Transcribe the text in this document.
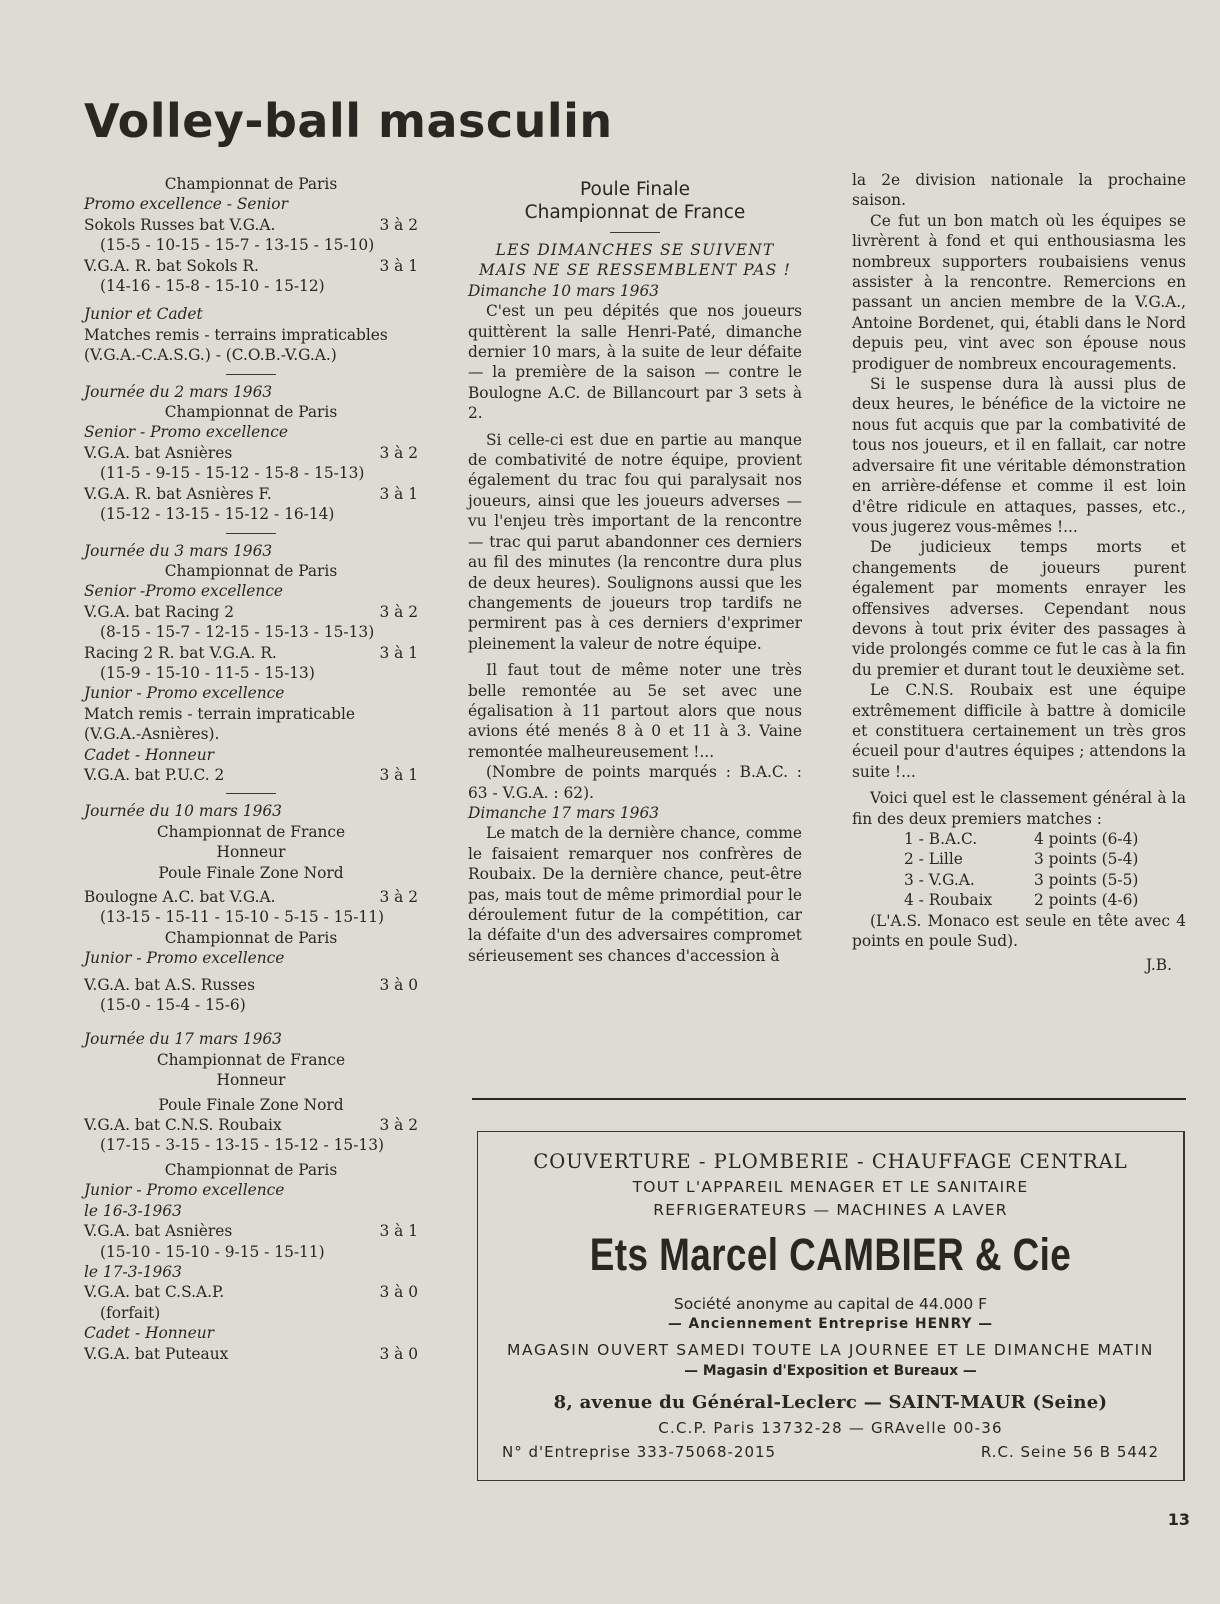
Volley-ball masculin
Championnat de Paris
Promo excellence - Senior
Sokols Russes bat V.G.A.	3 à 2
(15-5 - 10-15 - 15-7 - 13-15 - 15-10)
V.G.A. R. bat Sokols R.	3 à 1
(14-16 - 15-8 - 15-10 - 15-12)
Junior et Cadet
Matches remis - terrains impraticables
(V.G.A.-C.A.S.G.) - (C.O.B.-V.G.A.)
Journée du 2 mars 1963
Championnat de Paris
Senior - Promo excellence
V.G.A. bat Asnières	3 à 2
(11-5 - 9-15 - 15-12 - 15-8 - 15-13)
V.G.A. R. bat Asnières F.	3 à 1
(15-12 - 13-15 - 15-12 - 16-14)
Journée du 3 mars 1963
Championnat de Paris
Senior -Promo excellence
V.G.A. bat Racing 2	3 à 2
(8-15 - 15-7 - 12-15 - 15-13 - 15-13)
Racing 2 R. bat V.G.A. R.	3 à 1
(15-9 - 15-10 - 11-5 - 15-13)
Junior - Promo excellence
Match remis - terrain impraticable
(V.G.A.-Asnières).
Cadet - Honneur
V.G.A. bat P.U.C. 2	3 à 1
Journée du 10 mars 1963
Championnat de France
Honneur
Poule Finale Zone Nord
Boulogne A.C. bat V.G.A.	3 à 2
(13-15 - 15-11 - 15-10 - 5-15 - 15-11)
Championnat de Paris
Junior - Promo excellence
V.G.A. bat A.S. Russes	3 à 0
(15-0 - 15-4 - 15-6)
Journée du 17 mars 1963
Championnat de France
Honneur
Poule Finale Zone Nord
V.G.A. bat C.N.S. Roubaix	3 à 2
(17-15 - 3-15 - 13-15 - 15-12 - 15-13)
Championnat de Paris
Junior - Promo excellence
le 16-3-1963
V.G.A. bat Asnières	3 à 1
(15-10 - 15-10 - 9-15 - 15-11)
le 17-3-1963
V.G.A. bat C.S.A.P.	3 à 0
(forfait)
Cadet - Honneur
V.G.A. bat Puteaux	3 à 0
Poule Finale
Championnat de France
LES DIMANCHES SE SUIVENT
MAIS NE SE RESSEMBLENT PAS !
Dimanche 10 mars 1963

C'est un peu dépités que nos joueurs quittèrent la salle Henri-Paté, dimanche dernier 10 mars, à la suite de leur défaite — la première de la saison — contre le Boulogne A.C. de Billancourt par 3 sets à 2.

Si celle-ci est due en partie au manque de combativité de notre équipe, provient également du trac fou qui paralysait nos joueurs, ainsi que les joueurs adverses — vu l'enjeu très important de la rencontre — trac qui parut abandonner ces derniers au fil des minutes (la rencontre dura plus de deux heures). Soulignons aussi que les changements de joueurs trop tardifs ne permirent pas à ces derniers d'exprimer pleinement la valeur de notre équipe.

Il faut tout de même noter une très belle remontée au 5e set avec une égalisation à 11 partout alors que nous avions été menés 8 à 0 et 11 à 3. Vaine remontée malheureusement !...

(Nombre de points marqués : B.A.C. : 63 - V.G.A. : 62).

Dimanche 17 mars 1963

Le match de la dernière chance, comme le faisaient remarquer nos confrères de Roubaix. De la dernière chance, peut-être pas, mais tout de même primordial pour le déroulement futur de la compétition, car la défaite d'un des adversaires compromet sérieusement ses chances d'accession à

la 2e division nationale la prochaine saison.

Ce fut un bon match où les équipes se livrèrent à fond et qui enthousiasma les nombreux supporters roubaisiens venus assister à la rencontre. Remercions en passant un ancien membre de la V.G.A., Antoine Bordenet, qui, établi dans le Nord depuis peu, vint avec son épouse nous prodiguer de nombreux encouragements.

Si le suspense dura là aussi plus de deux heures, le bénéfice de la victoire ne nous fut acquis que par la combativité de tous nos joueurs, et il en fallait, car notre adversaire fit une véritable démonstration en arrière-défense et comme il est loin d'être ridicule en attaques, passes, etc., vous jugerez vous-mêmes !...

De judicieux temps morts et changements de joueurs purent également par moments enrayer les offensives adverses. Cependant nous devons à tout prix éviter des passages à vide prolongés comme ce fut le cas à la fin du premier et durant tout le deuxième set.

Le C.N.S. Roubaix est une équipe extrêmement difficile à battre à domicile et constituera certainement un très gros écueil pour d'autres équipes ; attendons la suite !...

Voici quel est le classement général à la fin des deux premiers matches :

1 - B.A.C.	4 points (6-4)
2 - Lille	3 points (5-4)
3 - V.G.A.	3 points (5-5)
4 - Roubaix	2 points (4-6)

(L'A.S. Monaco est seule en tête avec 4 points en poule Sud).

J.B.
COUVERTURE - PLOMBERIE - CHAUFFAGE CENTRAL
TOUT L'APPAREIL MENAGER ET LE SANITAIRE
REFRIGERATEURS — MACHINES A LAVER
Ets Marcel CAMBIER & Cie
Société anonyme au capital de 44.000 F
— Anciennement Entreprise HENRY —
MAGASIN OUVERT SAMEDI TOUTE LA JOURNEE ET LE DIMANCHE MATIN
— Magasin d'Exposition et Bureaux —
8, avenue du Général-Leclerc — SAINT-MAUR (Seine)
C.C.P. Paris 13732-28 — GRAvelle 00-36
N° d'Entreprise 333-75068-2015	R.C. Seine 56 B 5442
13
